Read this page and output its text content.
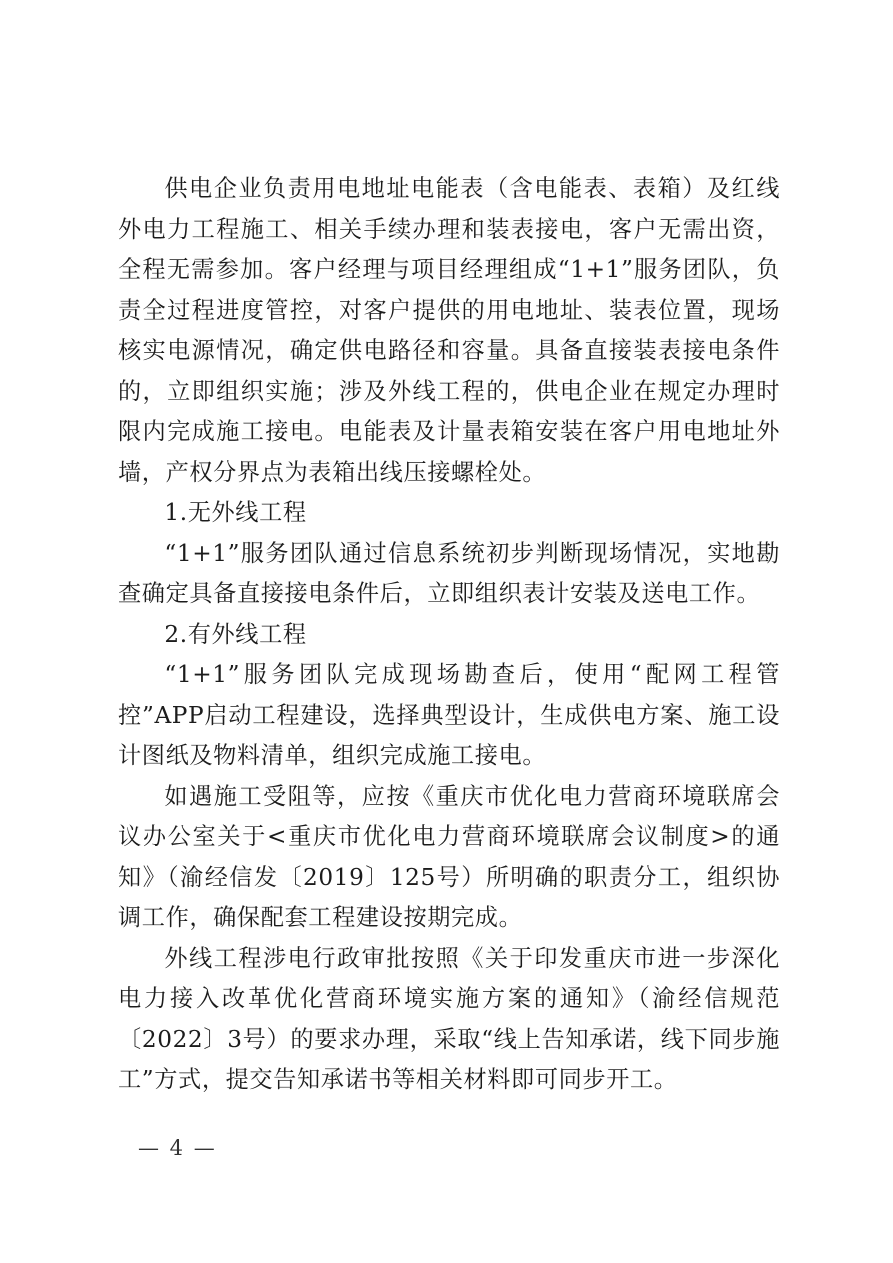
供电企业负责用电地址电能表（含电能表、表箱）及红线外电力工程施工、相关手续办理和装表接电，客户无需出资，全程无需参加。客户经理与项目经理组成“1+1”服务团队，负责全过程进度管控，对客户提供的用电地址、装表位置，现场核实电源情况，确定供电路径和容量。具备直接装表接电条件的，立即组织实施；涉及外线工程的，供电企业在规定办理时限内完成施工接电。电能表及计量表箱安装在客户用电地址外墙，产权分界点为表箱出线压接螺栓处。

1.无外线工程

“1+1”服务团队通过信息系统初步判断现场情况，实地勘查确定具备直接接电条件后，立即组织表计安装及送电工作。

2.有外线工程

“1+1”服务团队完成现场勘查后，使用“配网工程管控”APP启动工程建设，选择典型设计，生成供电方案、施工设计图纸及物料清单，组织完成施工接电。

如遇施工受阻等，应按《重庆市优化电力营商环境联席会议办公室关于<重庆市优化电力营商环境联席会议制度>的通知》（渝经信发〔2019〕125号）所明确的职责分工，组织协调工作，确保配套工程建设按期完成。

外线工程涉电行政审批按照《关于印发重庆市进一步深化电力接入改革优化营商环境实施方案的通知》（渝经信规范〔2022〕3号）的要求办理，采取“线上告知承诺，线下同步施工”方式，提交告知承诺书等相关材料即可同步开工。

— 4 —
